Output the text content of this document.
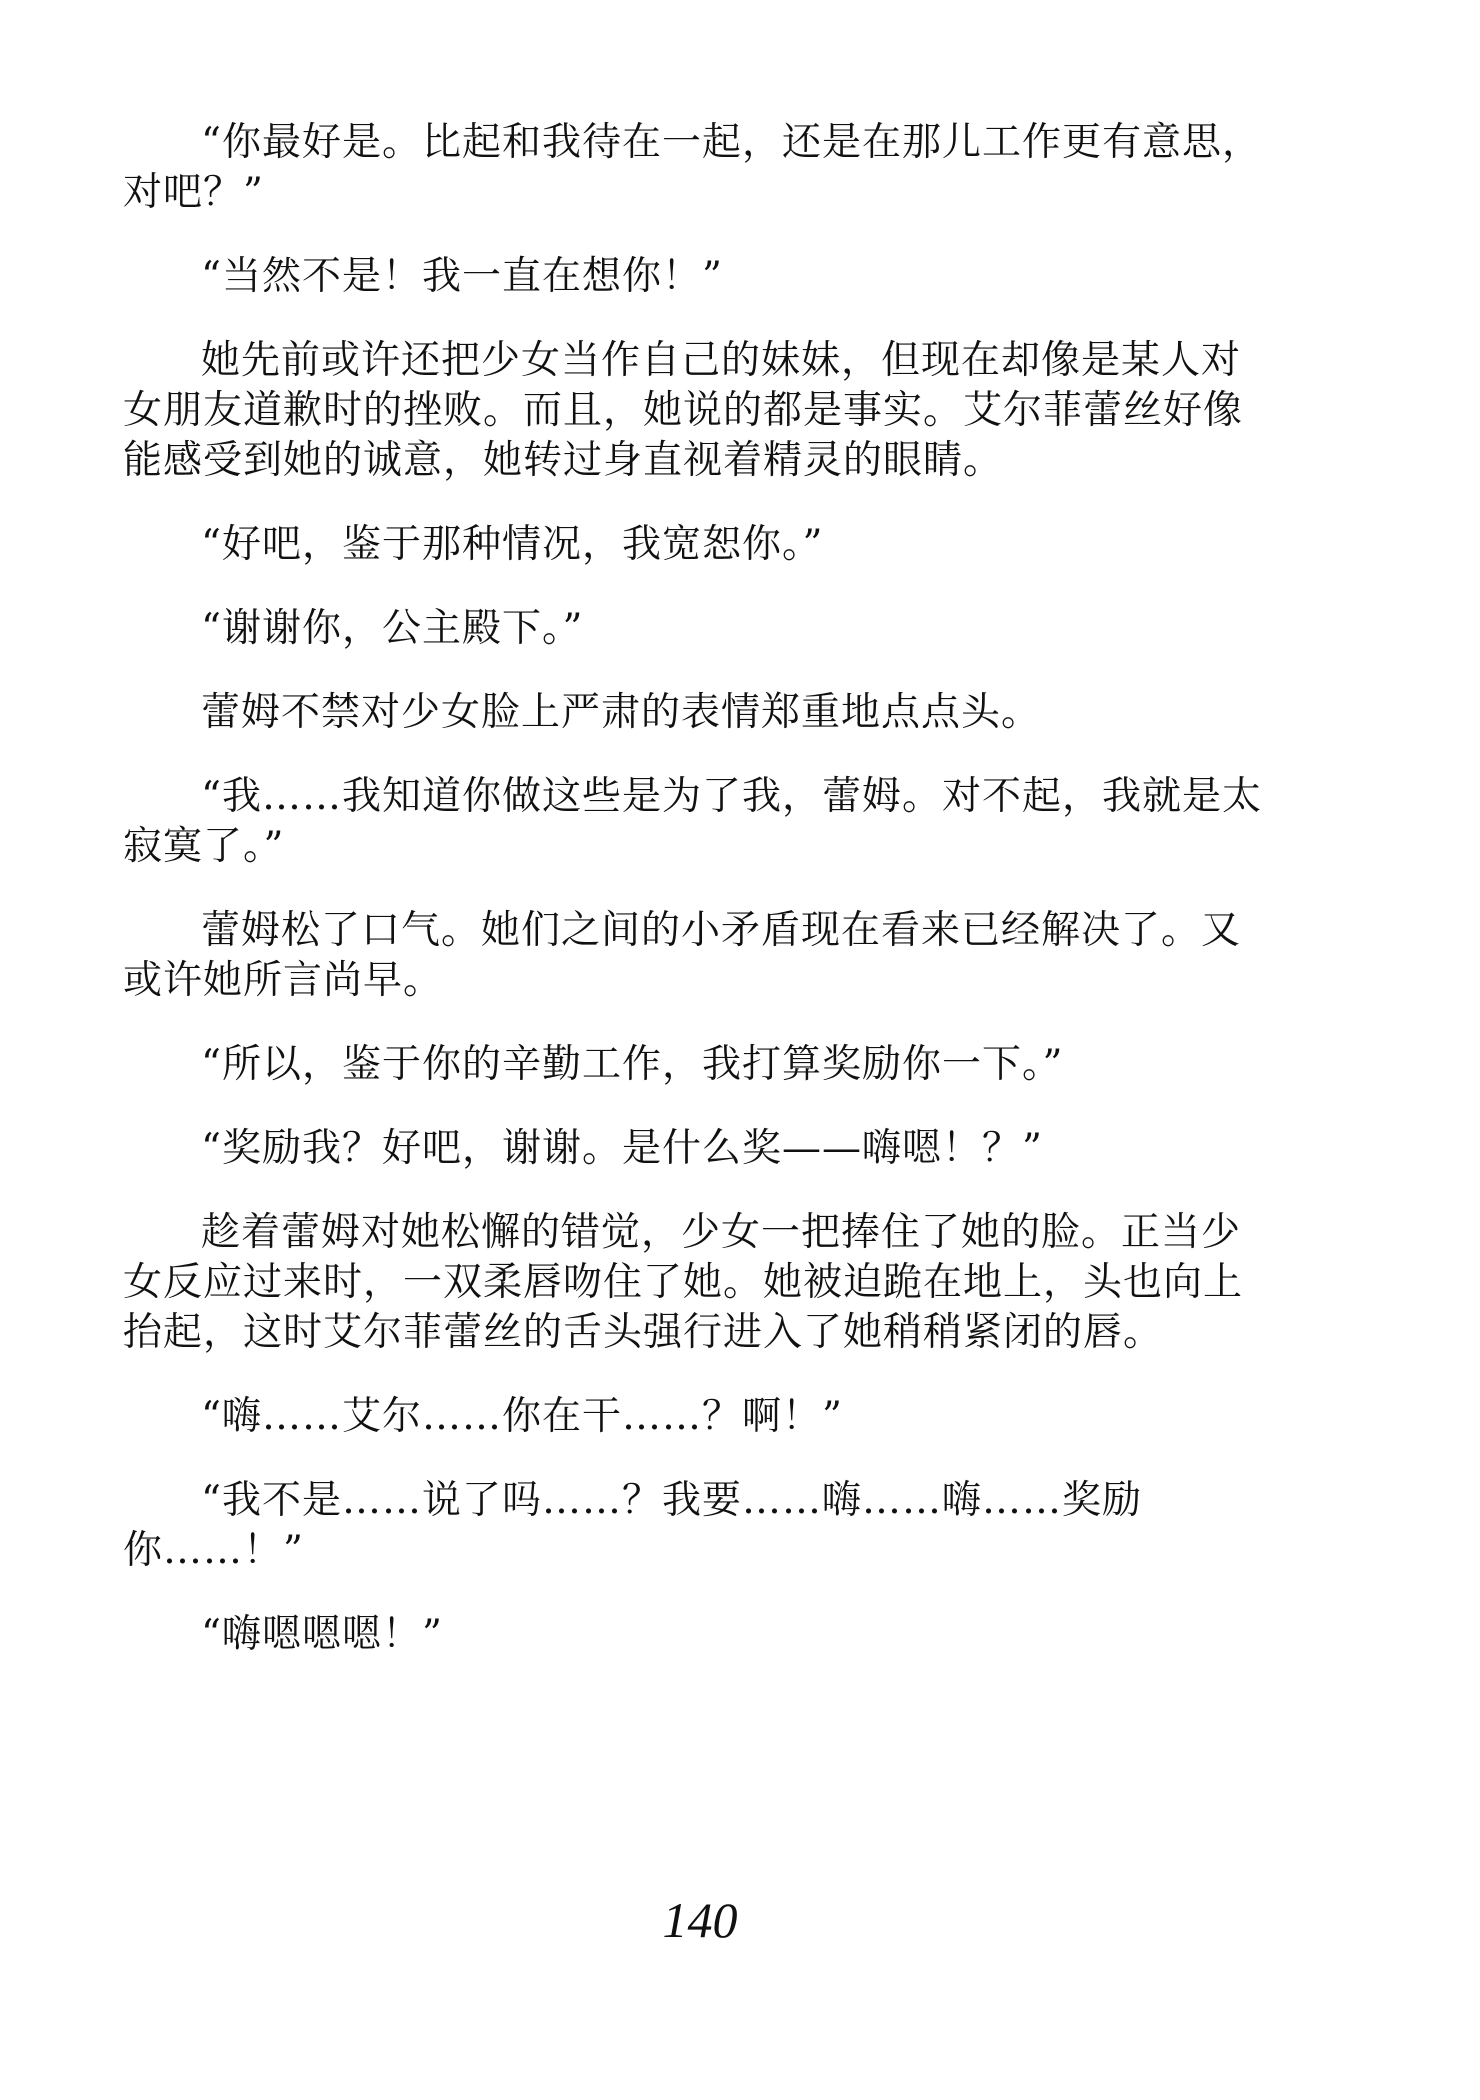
“你最好是。比起和我待在一起，还是在那儿工作更有意思，对吧？”

“当然不是！我一直在想你！”

她先前或许还把少女当作自己的妹妹，但现在却像是某人对女朋友道歉时的挫败。而且，她说的都是事实。艾尔菲蕾丝好像能感受到她的诚意，她转过身直视着精灵的眼睛。

“好吧，鉴于那种情况，我宽恕你。”

“谢谢你，公主殿下。”

蕾姆不禁对少女脸上严肃的表情郑重地点点头。

“我……我知道你做这些是为了我，蕾姆。对不起，我就是太寂寞了。”

蕾姆松了口气。她们之间的小矛盾现在看来已经解决了。又或许她所言尚早。

“所以，鉴于你的辛勤工作，我打算奖励你一下。”

“奖励我？好吧，谢谢。是什么奖——嗨嗯！？”

趁着蕾姆对她松懈的错觉，少女一把捧住了她的脸。正当少女反应过来时，一双柔唇吻住了她。她被迫跪在地上，头也向上抬起，这时艾尔菲蕾丝的舌头强行进入了她稍稍紧闭的唇。

“嗨……艾尔……你在干……？啊！”

“我不是……说了吗……？我要……嗨……嗨……奖励你……！”

“嗨嗯嗯嗯！”

140
